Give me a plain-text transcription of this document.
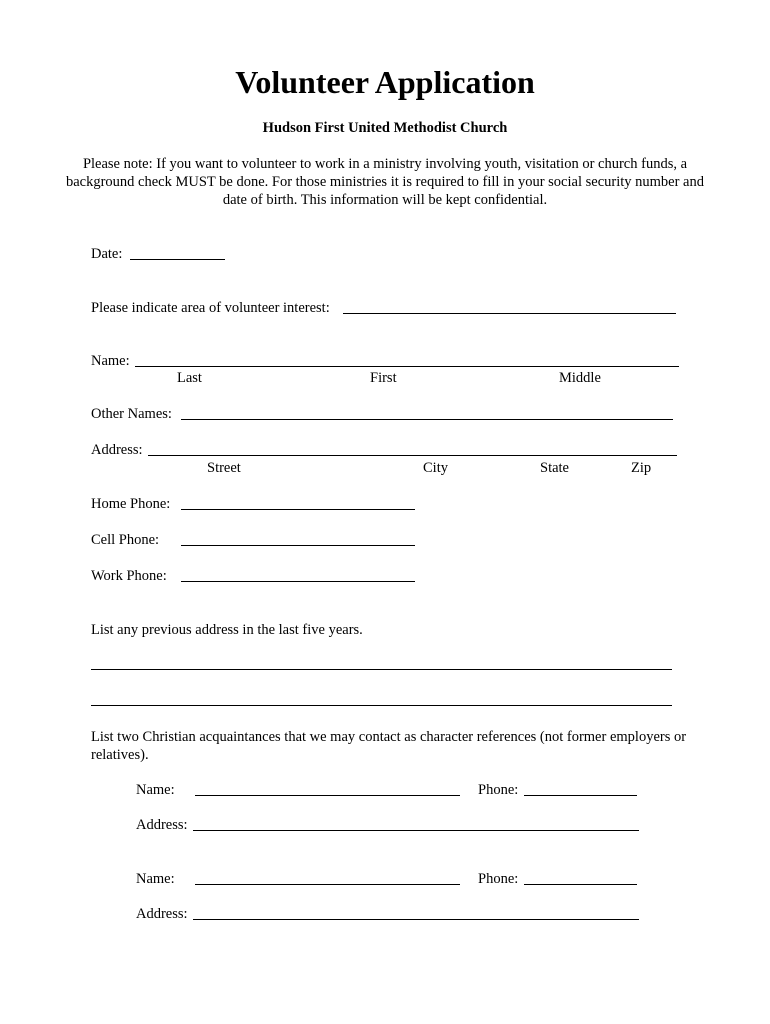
Volunteer Application
Hudson First United Methodist Church
Please note: If you want to volunteer to work in a ministry involving youth, visitation or church funds, a background check MUST be done. For those ministries it is required to fill in your social security number and date of birth. This information will be kept confidential.
Date:
Please indicate area of volunteer interest:
Name:
Last	First	Middle
Other Names:
Address:
Street	City	State	Zip
Home Phone:
Cell Phone:
Work Phone:
List any previous address in the last five years.
List two Christian acquaintances that we may contact as character references (not former employers or relatives).
Name:	Phone:
Address:
Name:	Phone:
Address:
